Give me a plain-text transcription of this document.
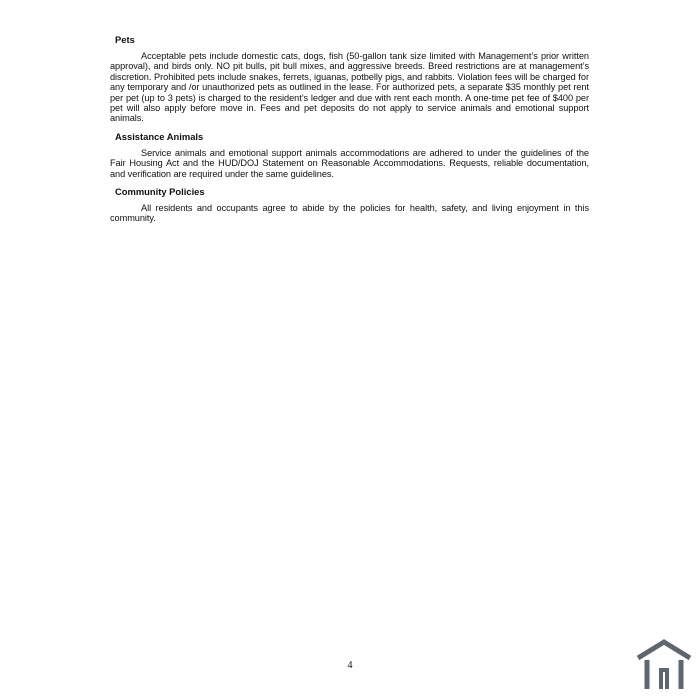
Pets

Acceptable pets include domestic cats, dogs, fish (50-gallon tank size limited with Management’s prior written approval), and birds only. NO pit bulls, pit bull mixes, and aggressive breeds. Breed restrictions are at management’s discretion. Prohibited pets include snakes, ferrets, iguanas, potbelly pigs, and rabbits. Violation fees will be charged for any temporary and /or unauthorized pets as outlined in the lease. For authorized pets, a separate $35 monthly pet rent per pet (up to 3 pets) is charged to the resident’s ledger and due with rent each month. A one-time pet fee of $400 per pet will also apply before move in. Fees and pet deposits do not apply to service animals and emotional support animals.

Assistance Animals

Service animals and emotional support animals accommodations are adhered to under the guidelines of the Fair Housing Act and the HUD/DOJ Statement on Reasonable Accommodations. Requests, reliable documentation, and verification are required under the same guidelines.

Community Policies

All residents and occupants agree to abide by the policies for health, safety, and living enjoyment in this community.

4
